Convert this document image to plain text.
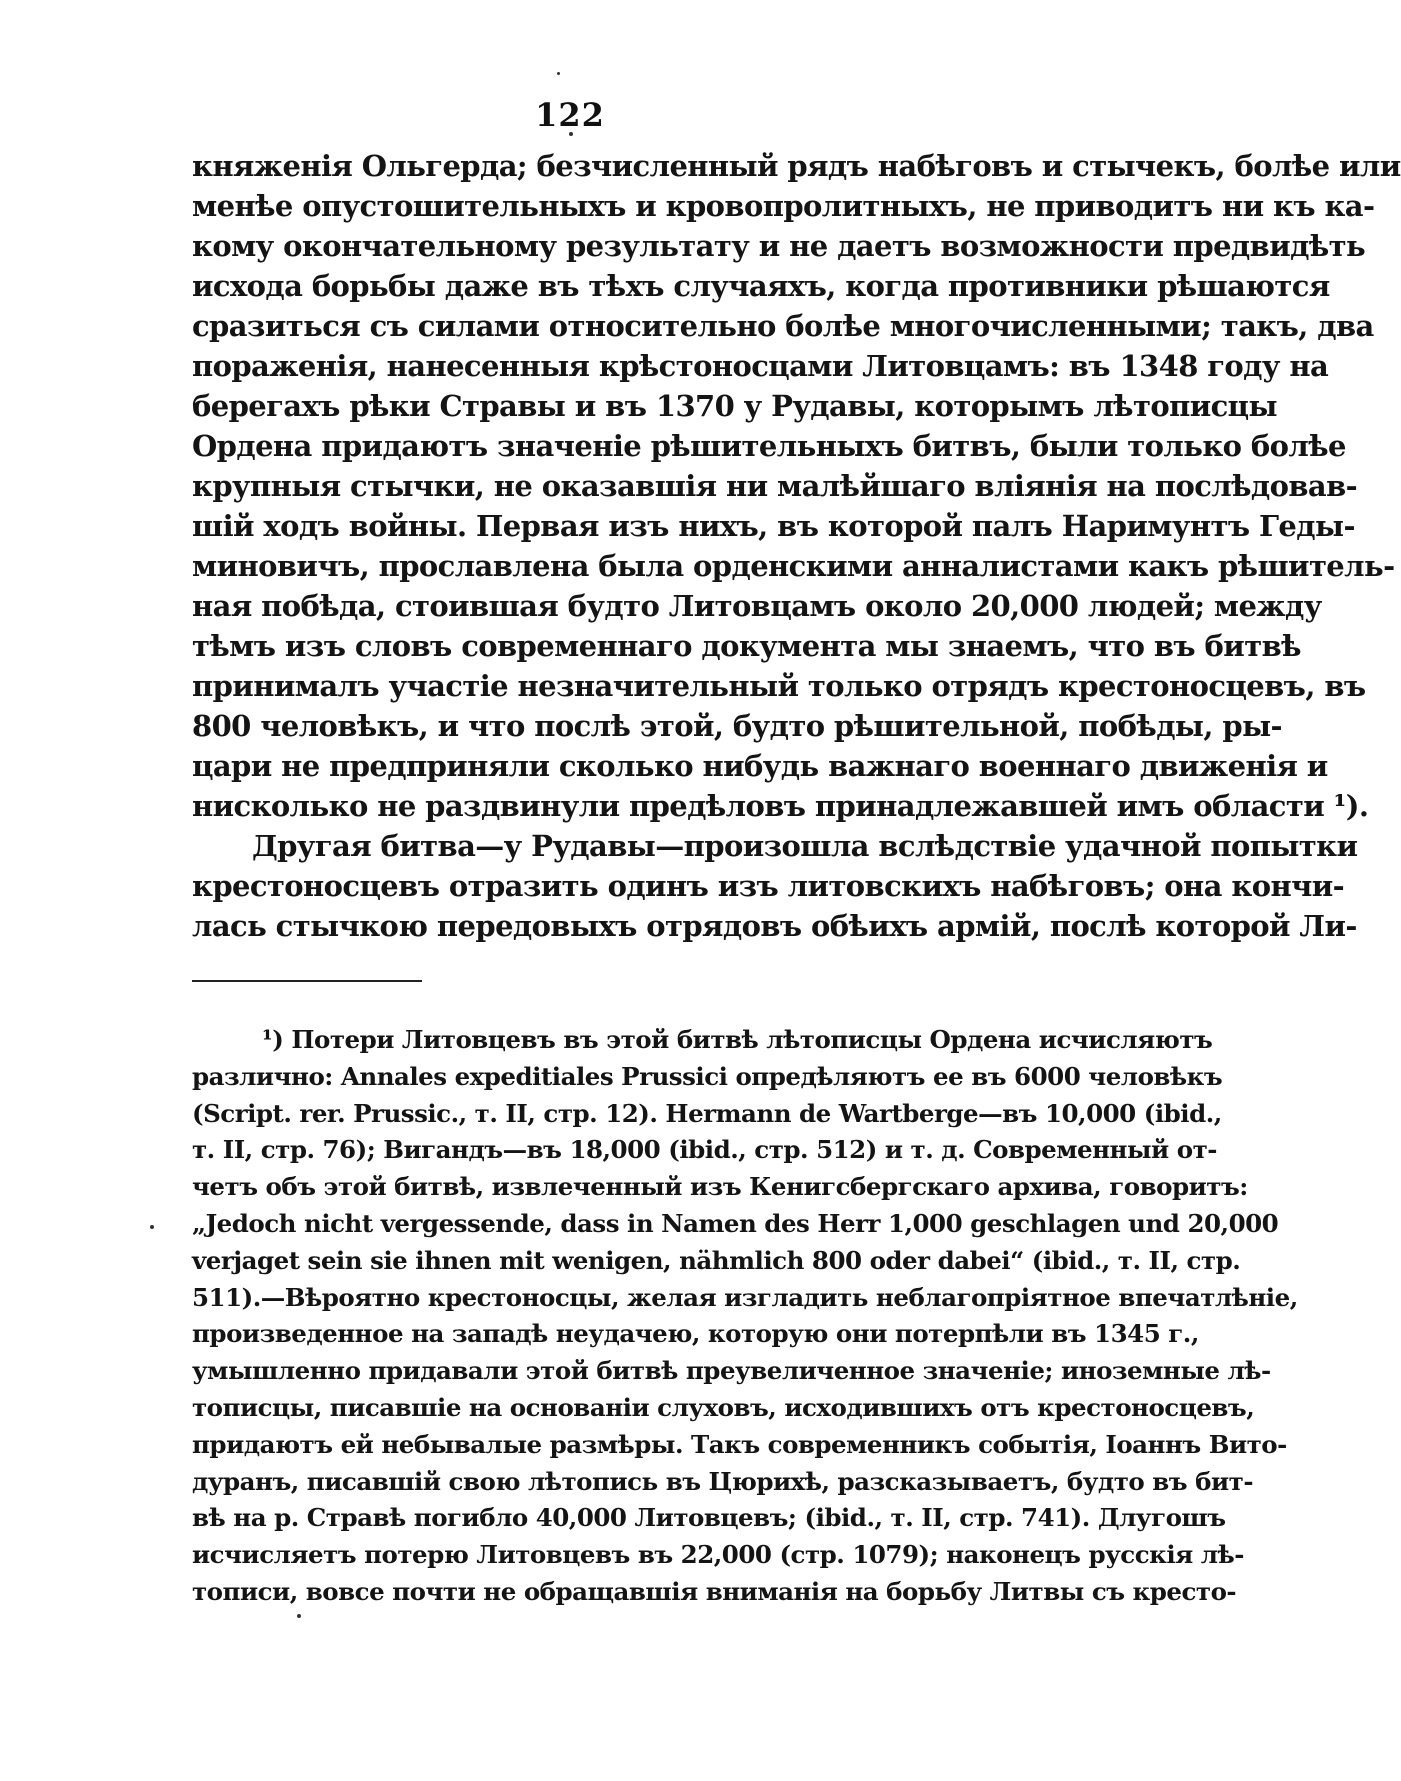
122
княженія Ольгерда; безчисленный рядъ набѣговъ и стычекъ, болѣе или
менѣе опустошительныхъ и кровопролитныхъ, не приводитъ ни къ ка-
кому окончательному результату и не даетъ возможности предвидѣть
исхода борьбы даже въ тѣхъ случаяхъ, когда противники рѣшаются
сразиться съ силами относительно болѣе многочисленными; такъ, два
пораженія, нанесенныя крѣстоносцами Литовцамъ: въ 1348 году на
берегахъ рѣки Стравы и въ 1370 у Рудавы, которымъ лѣтописцы
Ордена придаютъ значеніе рѣшительныхъ битвъ, были только болѣе
крупныя стычки, не оказавшія ни малѣйшаго вліянія на послѣдовав-
шій ходъ войны. Первая изъ нихъ, въ которой палъ Наримунтъ Геды-
миновичъ, прославлена была орденскими анналистами какъ рѣшитель-
ная побѣда, стоившая будто Литовцамъ около 20,000 людей; между
тѣмъ изъ словъ современнаго документа мы знаемъ, что въ битвѣ
принималъ участіе незначительный только отрядъ крестоносцевъ, въ
800 человѣкъ, и что послѣ этой, будто рѣшительной, побѣды, ры-
цари не предприняли сколько нибудь важнаго военнаго движенія и
нисколько не раздвинули предѣловъ принадлежавшей имъ области ¹).
Другая битва—у Рудавы—произошла вслѣдствіе удачной попытки
крестоносцевъ отразить одинъ изъ литовскихъ набѣговъ; она кончи-
лась стычкою передовыхъ отрядовъ обѣихъ армій, послѣ которой Ли-
¹) Потери Литовцевъ въ этой битвѣ лѣтописцы Ордена исчисляютъ
различно: Annales expeditiales Prussici опредѣляютъ ее въ 6000 человѣкъ
(Script. rer. Prussic., т. II, стр. 12). Hermann de Wartberge—въ 10,000 (ibid.,
т. II, стр. 76); Вигандъ—въ 18,000 (ibid., стр. 512) и т. д. Современный от-
четъ объ этой битвѣ, извлеченный изъ Кенигсбергскаго архива, говоритъ:
„Jedoch nicht vergessende, dass in Namen des Herr 1,000 geschlagen und 20,000
verjaget sein sie ihnen mit wenigen, nähmlich 800 oder dabei“ (ibid., т. II, стр.
511).—Вѣроятно крестоносцы, желая изгладить неблагопріятное впечатлѣніе,
произведенное на западѣ неудачею, которую они потерпѣли въ 1345 г.,
умышленно придавали этой битвѣ преувеличенное значеніе; иноземные лѣ-
тописцы, писавшіе на основаніи слуховъ, исходившихъ отъ крестоносцевъ,
придаютъ ей небывалые размѣры. Такъ современникъ событія, Іоаннъ Вито-
дуранъ, писавшій свою лѣтопись въ Цюрихѣ, разсказываетъ, будто въ бит-
вѣ на р. Стравѣ погибло 40,000 Литовцевъ; (ibid., т. II, стр. 741). Длугошъ
исчисляетъ потерю Литовцевъ въ 22,000 (стр. 1079); наконецъ русскія лѣ-
тописи, вовсе почти не обращавшія вниманія на борьбу Литвы съ кресто-
